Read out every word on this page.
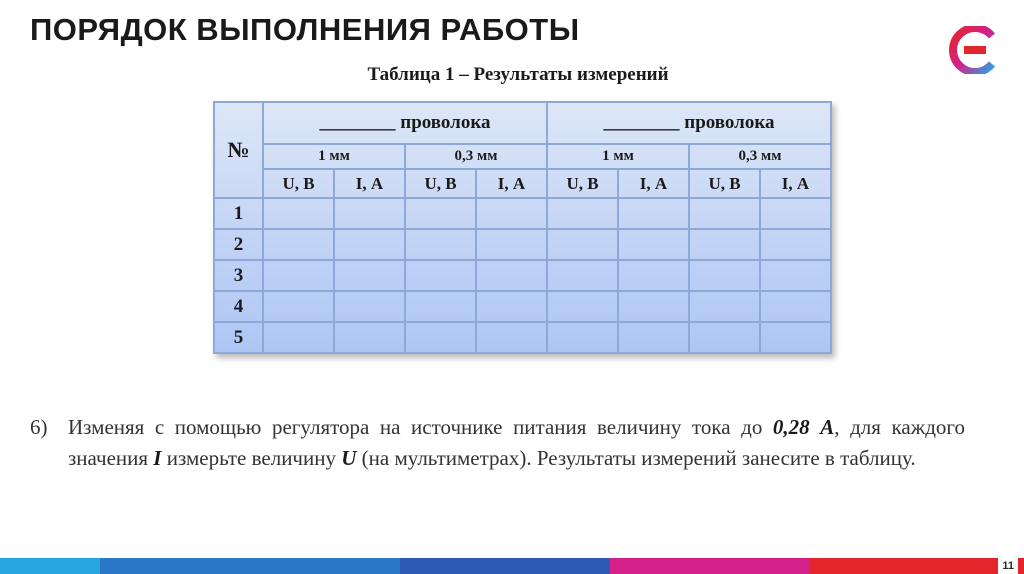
ПОРЯДОК ВЫПОЛНЕНИЯ РАБОТЫ
Таблица 1 – Результаты измерений
№	________ проволока				________ проволока			
	1 мм		0,3 мм		1 мм		0,3 мм	
	U, В	I, А	U, В	I, А	U, В	I, А	U, В	I, А
1								
2								
3								
4								
5								
6) Изменяя с помощью регулятора на источнике питания величину тока до 0,28 А, для каждого значения I измерьте величину U (на мультиметрах). Результаты измерений занесите в таблицу.
11
